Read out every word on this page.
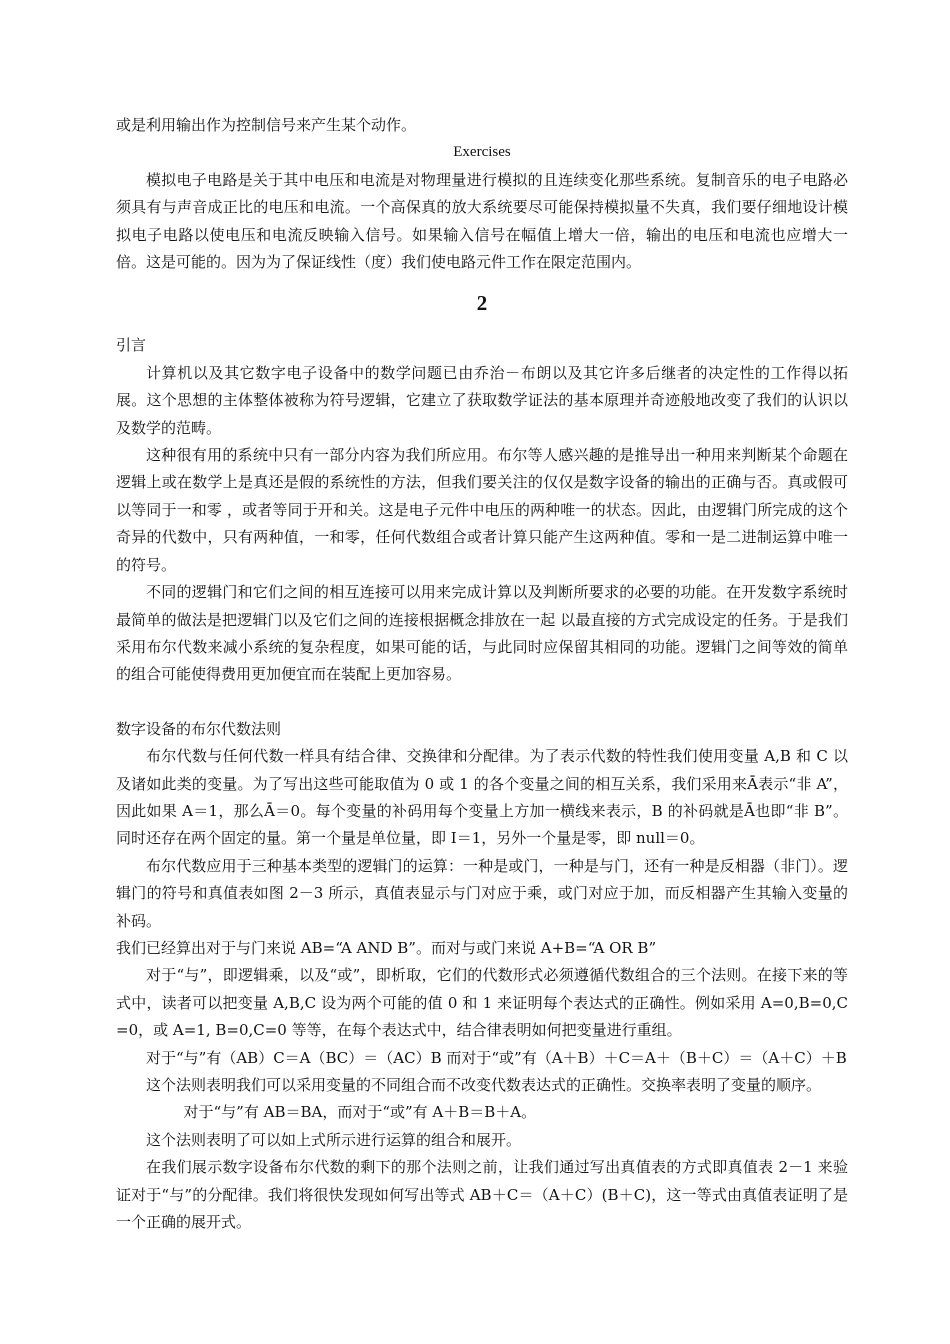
或是利用输出作为控制信号来产生某个动作。

Exercises

模拟电子电路是关于其中电压和电流是对物理量进行模拟的且连续变化那些系统。复制音乐的电子电路必须具有与声音成正比的电压和电流。一个高保真的放大系统要尽可能保持模拟量不失真，我们要仔细地设计模拟电子电路以使电压和电流反映输入信号。如果输入信号在幅值上增大一倍，输出的电压和电流也应增大一倍。这是可能的。因为为了保证线性（度）我们使电路元件工作在限定范围内。

2

引言

计算机以及其它数字电子设备中的数学问题已由乔治－布朗以及其它许多后继者的决定性的工作得以拓展。这个思想的主体整体被称为符号逻辑，它建立了获取数学证法的基本原理并奇迹般地改变了我们的认识以及数学的范畴。

这种很有用的系统中只有一部分内容为我们所应用。布尔等人感兴趣的是推导出一种用来判断某个命题在逻辑上或在数学上是真还是假的系统性的方法，但我们要关注的仅仅是数字设备的输出的正确与否。真或假可以等同于一和零 ，或者等同于开和关。这是电子元件中电压的两种唯一的状态。因此，由逻辑门所完成的这个奇异的代数中，只有两种值，一和零，任何代数组合或者计算只能产生这两种值。零和一是二进制运算中唯一的符号。

不同的逻辑门和它们之间的相互连接可以用来完成计算以及判断所要求的必要的功能。在开发数字系统时最简单的做法是把逻辑门以及它们之间的连接根据概念排放在一起 以最直接的方式完成设定的任务。于是我们采用布尔代数来减小系统的复杂程度，如果可能的话，与此同时应保留其相同的功能。逻辑门之间等效的简单的组合可能使得费用更加便宜而在装配上更加容易。

数字设备的布尔代数法则

布尔代数与任何代数一样具有结合律、交换律和分配律。为了表示代数的特性我们使用变量 A,B 和 C 以及诸如此类的变量。为了写出这些可能取值为 0 或 1 的各个变量之间的相互关系，我们采用来Ā表示“非 A”，因此如果 A＝1，那么Ā＝0。每个变量的补码用每个变量上方加一横线来表示，B 的补码就是Ā也即“非 B”。同时还存在两个固定的量。第一个量是单位量，即 I＝1，另外一个量是零，即 null＝0。

布尔代数应用于三种基本类型的逻辑门的运算：一种是或门，一种是与门，还有一种是反相器（非门）。逻辑门的符号和真值表如图 2－3 所示，真值表显示与门对应于乘，或门对应于加，而反相器产生其输入变量的补码。

我们已经算出对于与门来说 AB=“A AND B”。而对与或门来说 A+B=“A OR B”

对于“与”，即逻辑乘，以及“或”，即析取，它们的代数形式必须遵循代数组合的三个法则。在接下来的等式中，读者可以把变量 A,B,C 设为两个可能的值 0 和 1 来证明每个表达式的正确性。例如采用 A=0,B=0,C=0，或 A=1, B=0,C=0 等等，在每个表达式中，结合律表明如何把变量进行重组。

对于“与”有（AB）C＝A（BC）＝（AC）B 而对于“或”有（A＋B）＋C＝A＋（B＋C）＝（A＋C）＋B

这个法则表明我们可以采用变量的不同组合而不改变代数表达式的正确性。交换率表明了变量的顺序。

对于“与”有 AB＝BA，而对于“或”有 A＋B＝B＋A。

这个法则表明了可以如上式所示进行运算的组合和展开。

在我们展示数字设备布尔代数的剩下的那个法则之前，让我们通过写出真值表的方式即真值表 2－1 来验证对于“与”的分配律。我们将很快发现如何写出等式 AB＋C＝（A＋C）(B＋C)，这一等式由真值表证明了是一个正确的展开式。
